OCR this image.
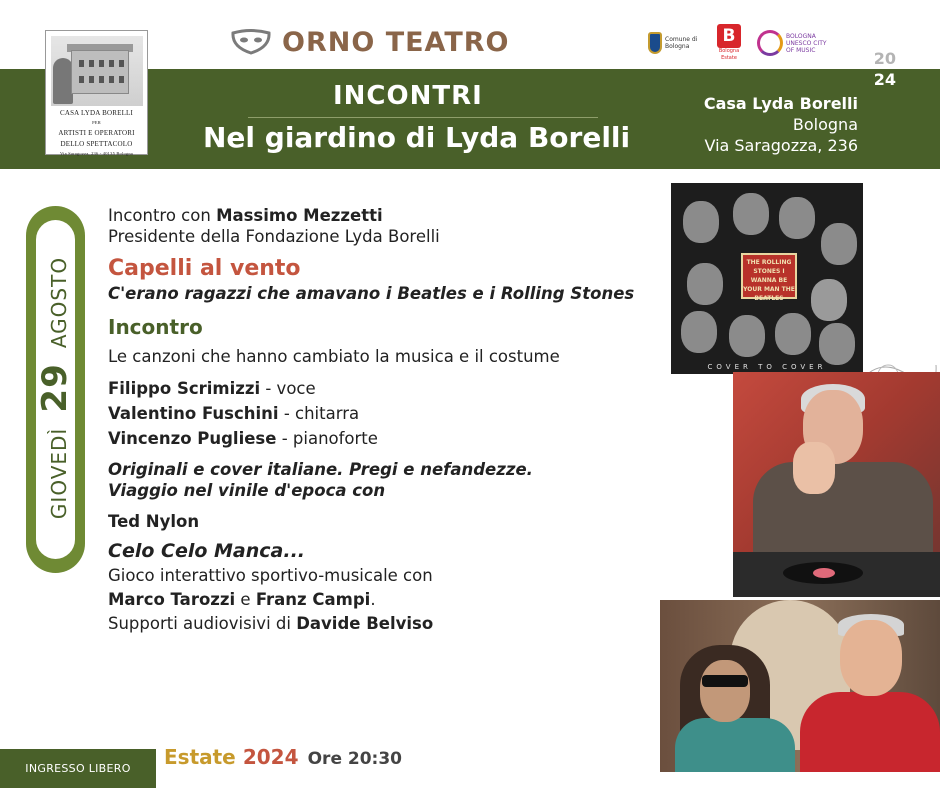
CASA LYDA BORELLI
PER
ARTISTI E OPERATORI
DELLO SPETTACOLO
Via Saragozza, 236 - 40135 Bologna
ORNO TEATRO	Comune di Bologna
B
Bologna Estate
BOLOGNA UNESCO CITY OF MUSIC
INCONTRI
Nel giardino di Lyda Borelli
Casa Lyda Borelli
Bologna
Via Saragozza, 236
20
24
GIOVEDÌ 29 AGOSTO
Incontro con Massimo Mezzetti
Presidente della Fondazione Lyda Borelli
Capelli al vento
C'erano ragazzi che amavano i Beatles e i Rolling Stones
Incontro
Le canzoni che hanno cambiato la musica e il costume
Filippo Scrimizzi - voce
Valentino Fuschini - chitarra
Vincenzo Pugliese - pianoforte
Originali e cover italiane. Pregi e nefandezze.
Viaggio nel vinile d'epoca con
Ted Nylon
Celo Celo Manca...
Gioco interattivo sportivo-musicale con
Marco Tarozzi e Franz Campi.
Supporti audiovisivi di Davide Belviso
THE ROLLING STONES I WANNA BE YOUR MAN THE BEATLES
COVER TO COVER
INGRESSO LIBERO	Estate 2024 Ore 20:30
